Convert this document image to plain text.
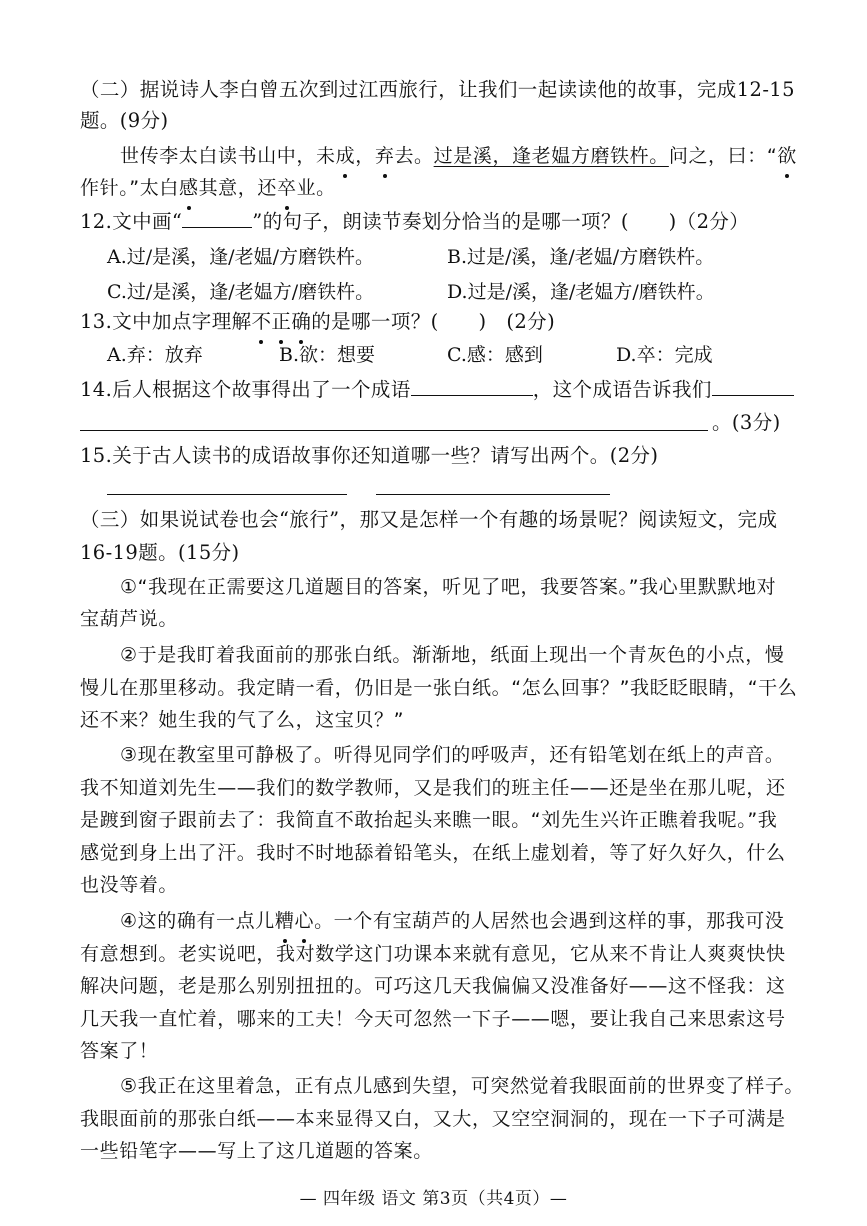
（二）据说诗人李白曾五次到过江西旅行，让我们一起读读他的故事，完成12-15
题。(9分)
世传李太白读书山中，未成，弃去。过是溪，逢老媪方磨铁杵。问之，曰：“欲
作针。”太白感其意，还卒业。
12.文中画“	”的句子，朗读节奏划分恰当的是哪一项？(　　)（2分）
A.过/是溪，逢/老媪/方磨铁杵。	B.过是/溪，逢/老媪/方磨铁杵。
C.过/是溪，逢/老媪方/磨铁杵。	D.过是/溪，逢/老媪方/磨铁杵。
13.文中加点字理解不正确的是哪一项？(　　)　(2分)
A.弃：放弃	B.欲：想要	C.感：感到	D.卒：完成
14.后人根据这个故事得出了一个成语	，这个成语告诉我们
。(3分)
15.关于古人读书的成语故事你还知道哪一些？请写出两个。(2分)
（三）如果说试卷也会“旅行”，那又是怎样一个有趣的场景呢？阅读短文，完成
16-19题。(15分)
①“我现在正需要这几道题目的答案，听见了吧，我要答案。”我心里默默地对
宝葫芦说。
②于是我盯着我面前的那张白纸。渐渐地，纸面上现出一个青灰色的小点，慢
慢儿在那里移动。我定睛一看，仍旧是一张白纸。“怎么回事？”我眨眨眼睛，“干么
还不来？她生我的气了么，这宝贝？”
③现在教室里可静极了。听得见同学们的呼吸声，还有铅笔划在纸上的声音。
我不知道刘先生——我们的数学教师，又是我们的班主任——还是坐在那儿呢，还
是踱到窗子跟前去了：我简直不敢抬起头来瞧一眼。“刘先生兴许正瞧着我呢。”我
感觉到身上出了汗。我时不时地舔着铅笔头，在纸上虚划着，等了好久好久，什么
也没等着。
④这的确有一点儿糟心。一个有宝葫芦的人居然也会遇到这样的事，那我可没
有意想到。老实说吧，我对数学这门功课本来就有意见，它从来不肯让人爽爽快快
解决问题，老是那么别别扭扭的。可巧这几天我偏偏又没准备好——这不怪我：这
几天我一直忙着，哪来的工夫！今天可忽然一下子——嗯，要让我自己来思索这号
答案了！
⑤我正在这里着急，正有点儿感到失望，可突然觉着我眼面前的世界变了样子。
我眼面前的那张白纸——本来显得又白，又大，又空空洞洞的，现在一下子可满是
一些铅笔字——写上了这几道题的答案。
— 四年级 语文 第3页（共4页）—
